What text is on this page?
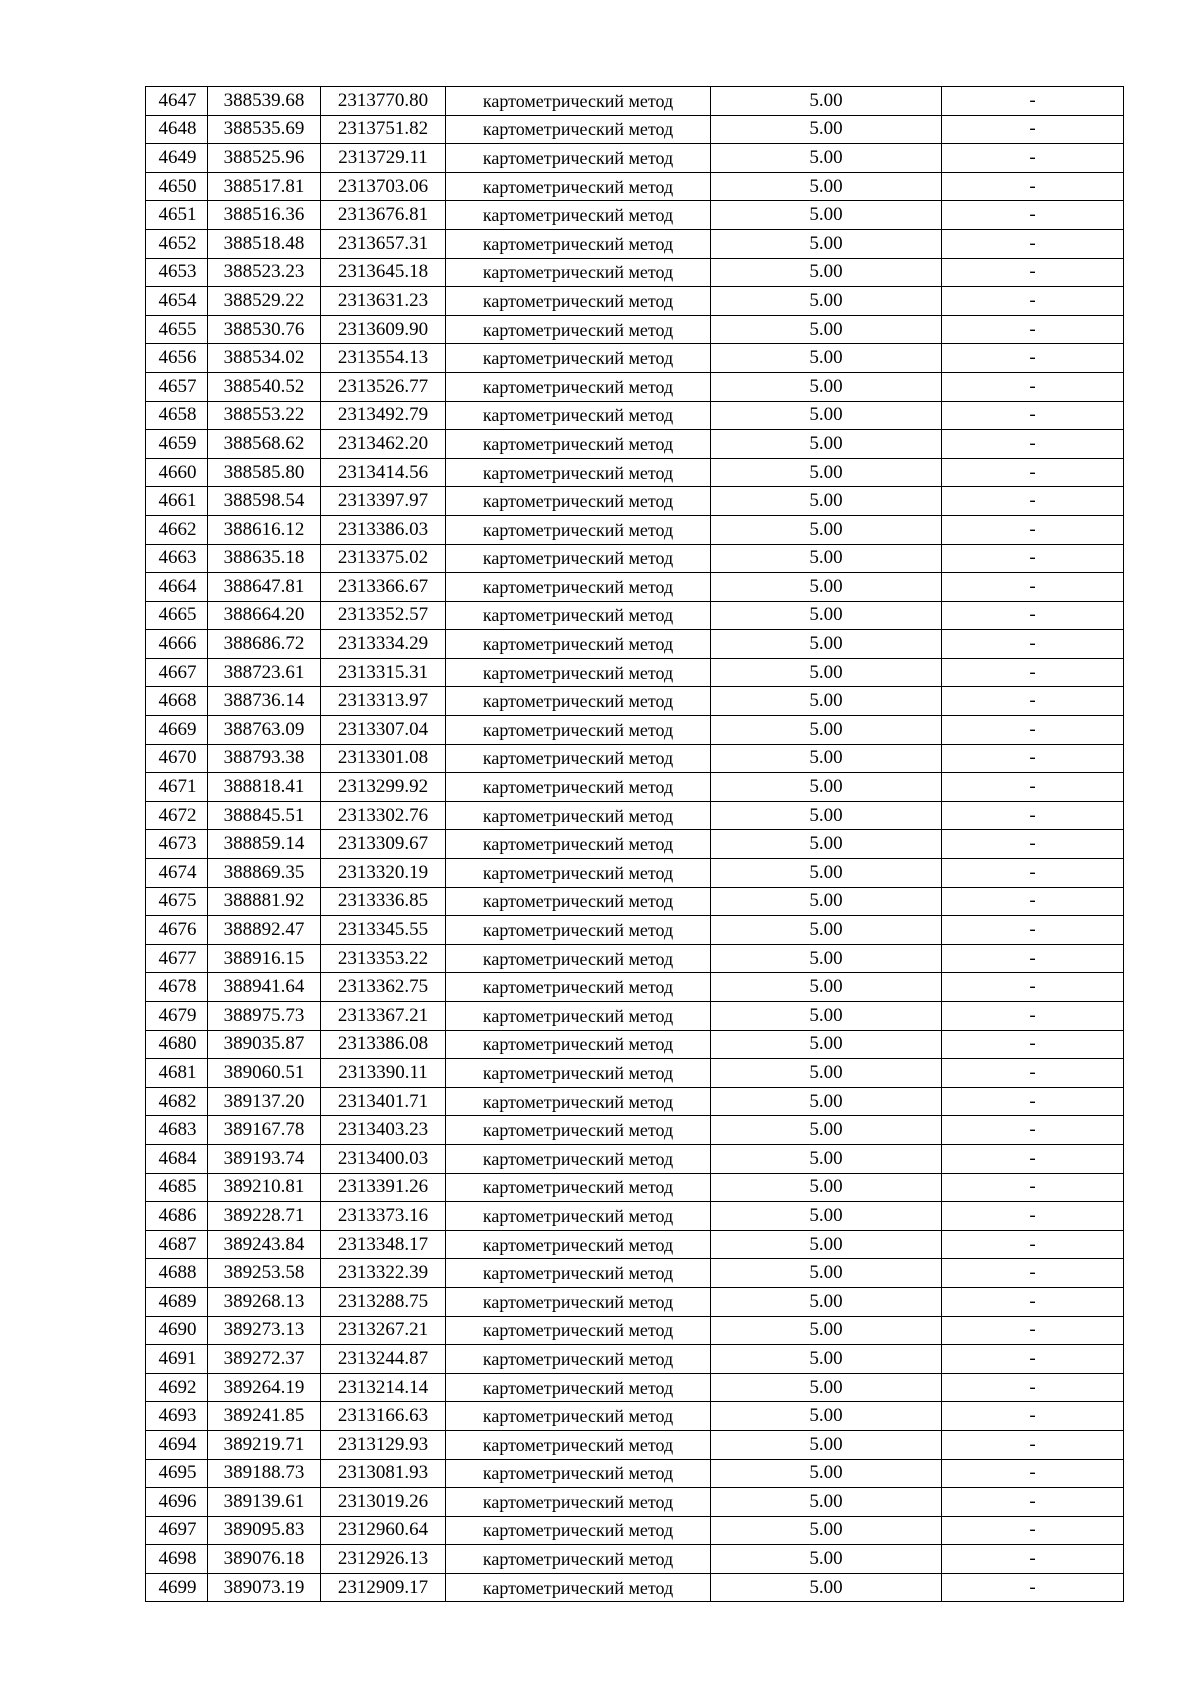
4647	388539.68	2313770.80	картометрический метод	5.00	-
4648	388535.69	2313751.82	картометрический метод	5.00	-
4649	388525.96	2313729.11	картометрический метод	5.00	-
4650	388517.81	2313703.06	картометрический метод	5.00	-
4651	388516.36	2313676.81	картометрический метод	5.00	-
4652	388518.48	2313657.31	картометрический метод	5.00	-
4653	388523.23	2313645.18	картометрический метод	5.00	-
4654	388529.22	2313631.23	картометрический метод	5.00	-
4655	388530.76	2313609.90	картометрический метод	5.00	-
4656	388534.02	2313554.13	картометрический метод	5.00	-
4657	388540.52	2313526.77	картометрический метод	5.00	-
4658	388553.22	2313492.79	картометрический метод	5.00	-
4659	388568.62	2313462.20	картометрический метод	5.00	-
4660	388585.80	2313414.56	картометрический метод	5.00	-
4661	388598.54	2313397.97	картометрический метод	5.00	-
4662	388616.12	2313386.03	картометрический метод	5.00	-
4663	388635.18	2313375.02	картометрический метод	5.00	-
4664	388647.81	2313366.67	картометрический метод	5.00	-
4665	388664.20	2313352.57	картометрический метод	5.00	-
4666	388686.72	2313334.29	картометрический метод	5.00	-
4667	388723.61	2313315.31	картометрический метод	5.00	-
4668	388736.14	2313313.97	картометрический метод	5.00	-
4669	388763.09	2313307.04	картометрический метод	5.00	-
4670	388793.38	2313301.08	картометрический метод	5.00	-
4671	388818.41	2313299.92	картометрический метод	5.00	-
4672	388845.51	2313302.76	картометрический метод	5.00	-
4673	388859.14	2313309.67	картометрический метод	5.00	-
4674	388869.35	2313320.19	картометрический метод	5.00	-
4675	388881.92	2313336.85	картометрический метод	5.00	-
4676	388892.47	2313345.55	картометрический метод	5.00	-
4677	388916.15	2313353.22	картометрический метод	5.00	-
4678	388941.64	2313362.75	картометрический метод	5.00	-
4679	388975.73	2313367.21	картометрический метод	5.00	-
4680	389035.87	2313386.08	картометрический метод	5.00	-
4681	389060.51	2313390.11	картометрический метод	5.00	-
4682	389137.20	2313401.71	картометрический метод	5.00	-
4683	389167.78	2313403.23	картометрический метод	5.00	-
4684	389193.74	2313400.03	картометрический метод	5.00	-
4685	389210.81	2313391.26	картометрический метод	5.00	-
4686	389228.71	2313373.16	картометрический метод	5.00	-
4687	389243.84	2313348.17	картометрический метод	5.00	-
4688	389253.58	2313322.39	картометрический метод	5.00	-
4689	389268.13	2313288.75	картометрический метод	5.00	-
4690	389273.13	2313267.21	картометрический метод	5.00	-
4691	389272.37	2313244.87	картометрический метод	5.00	-
4692	389264.19	2313214.14	картометрический метод	5.00	-
4693	389241.85	2313166.63	картометрический метод	5.00	-
4694	389219.71	2313129.93	картометрический метод	5.00	-
4695	389188.73	2313081.93	картометрический метод	5.00	-
4696	389139.61	2313019.26	картометрический метод	5.00	-
4697	389095.83	2312960.64	картометрический метод	5.00	-
4698	389076.18	2312926.13	картометрический метод	5.00	-
4699	389073.19	2312909.17	картометрический метод	5.00	-
